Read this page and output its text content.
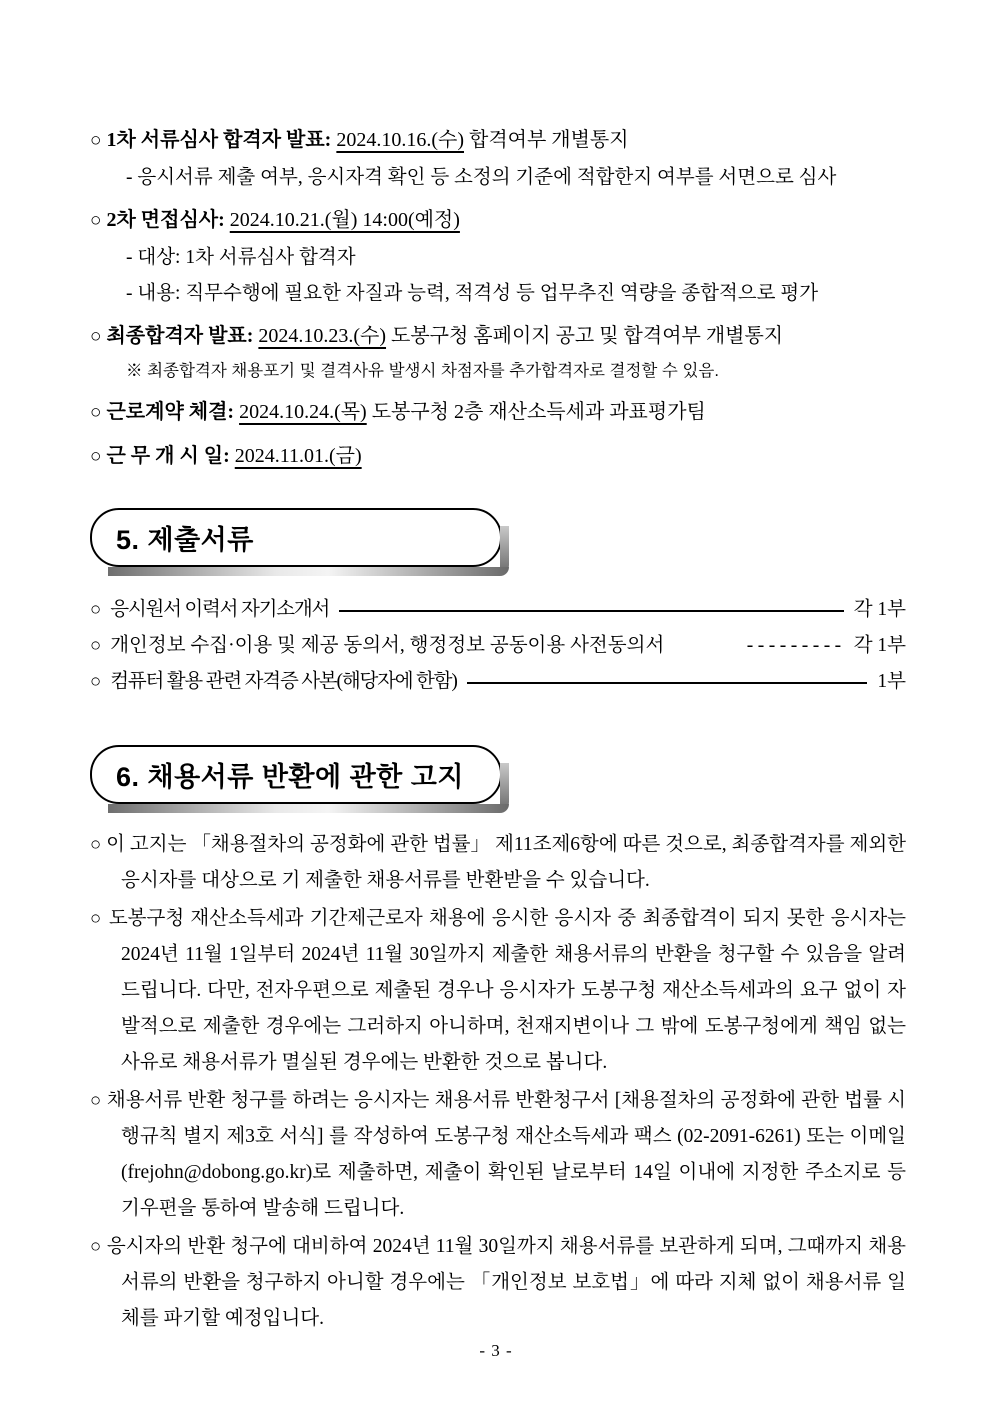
○ 1차 서류심사 합격자 발표: 2024.10.16.(수) 합격여부 개별통지
- 응시서류 제출 여부, 응시자격 확인 등 소정의 기준에 적합한지 여부를 서면으로 심사
○ 2차 면접심사: 2024.10.21.(월) 14:00(예정)
- 대상: 1차 서류심사 합격자
- 내용: 직무수행에 필요한 자질과 능력, 적격성 등 업무추진 역량을 종합적으로 평가
○ 최종합격자 발표: 2024.10.23.(수) 도봉구청 홈페이지 공고 및 합격여부 개별통지
※ 최종합격자 채용포기 및 결격사유 발생시 차점자를 추가합격자로 결정할 수 있음.
○ 근로계약 체결: 2024.10.24.(목) 도봉구청 2층 재산소득세과 과표평가팀
○ 근 무 개 시 일: 2024.11.01.(금)
5. 제출서류
○ 응시원서 이력서 자기소개서	각 1부
○ 개인정보 수집·이용 및 제공 동의서, 행정정보 공동이용 사전동의서	--------- 각 1부
○ 컴퓨터 활용 관련 자격증 사본(해당자에 한함)	1부
6. 채용서류 반환에 관한 고지
○ 이 고지는 「채용절차의 공정화에 관한 법률」 제11조제6항에 따른 것으로, 최종합격자를 제외한 응시자를 대상으로 기 제출한 채용서류를 반환받을 수 있습니다.
○ 도봉구청 재산소득세과 기간제근로자 채용에 응시한 응시자 중 최종합격이 되지 못한 응시자는 2024년 11월 1일부터 2024년 11월 30일까지 제출한 채용서류의 반환을 청구할 수 있음을 알려드립니다. 다만, 전자우편으로 제출된 경우나 응시자가 도봉구청 재산소득세과의 요구 없이 자발적으로 제출한 경우에는 그러하지 아니하며, 천재지변이나 그 밖에 도봉구청에게 책임 없는 사유로 채용서류가 멸실된 경우에는 반환한 것으로 봅니다.
○ 채용서류 반환 청구를 하려는 응시자는 채용서류 반환청구서 [채용절차의 공정화에 관한 법률 시행규칙 별지 제3호 서식] 를 작성하여 도봉구청 재산소득세과 팩스 (02-2091-6261) 또는 이메일(frejohn@dobong.go.kr)로 제출하면, 제출이 확인된 날로부터 14일 이내에 지정한 주소지로 등기우편을 통하여 발송해 드립니다.
○ 응시자의 반환 청구에 대비하여 2024년 11월 30일까지 채용서류를 보관하게 되며, 그때까지 채용서류의 반환을 청구하지 아니할 경우에는 「개인정보 보호법」에 따라 지체 없이 채용서류 일체를 파기할 예정입니다.
- 3 -
